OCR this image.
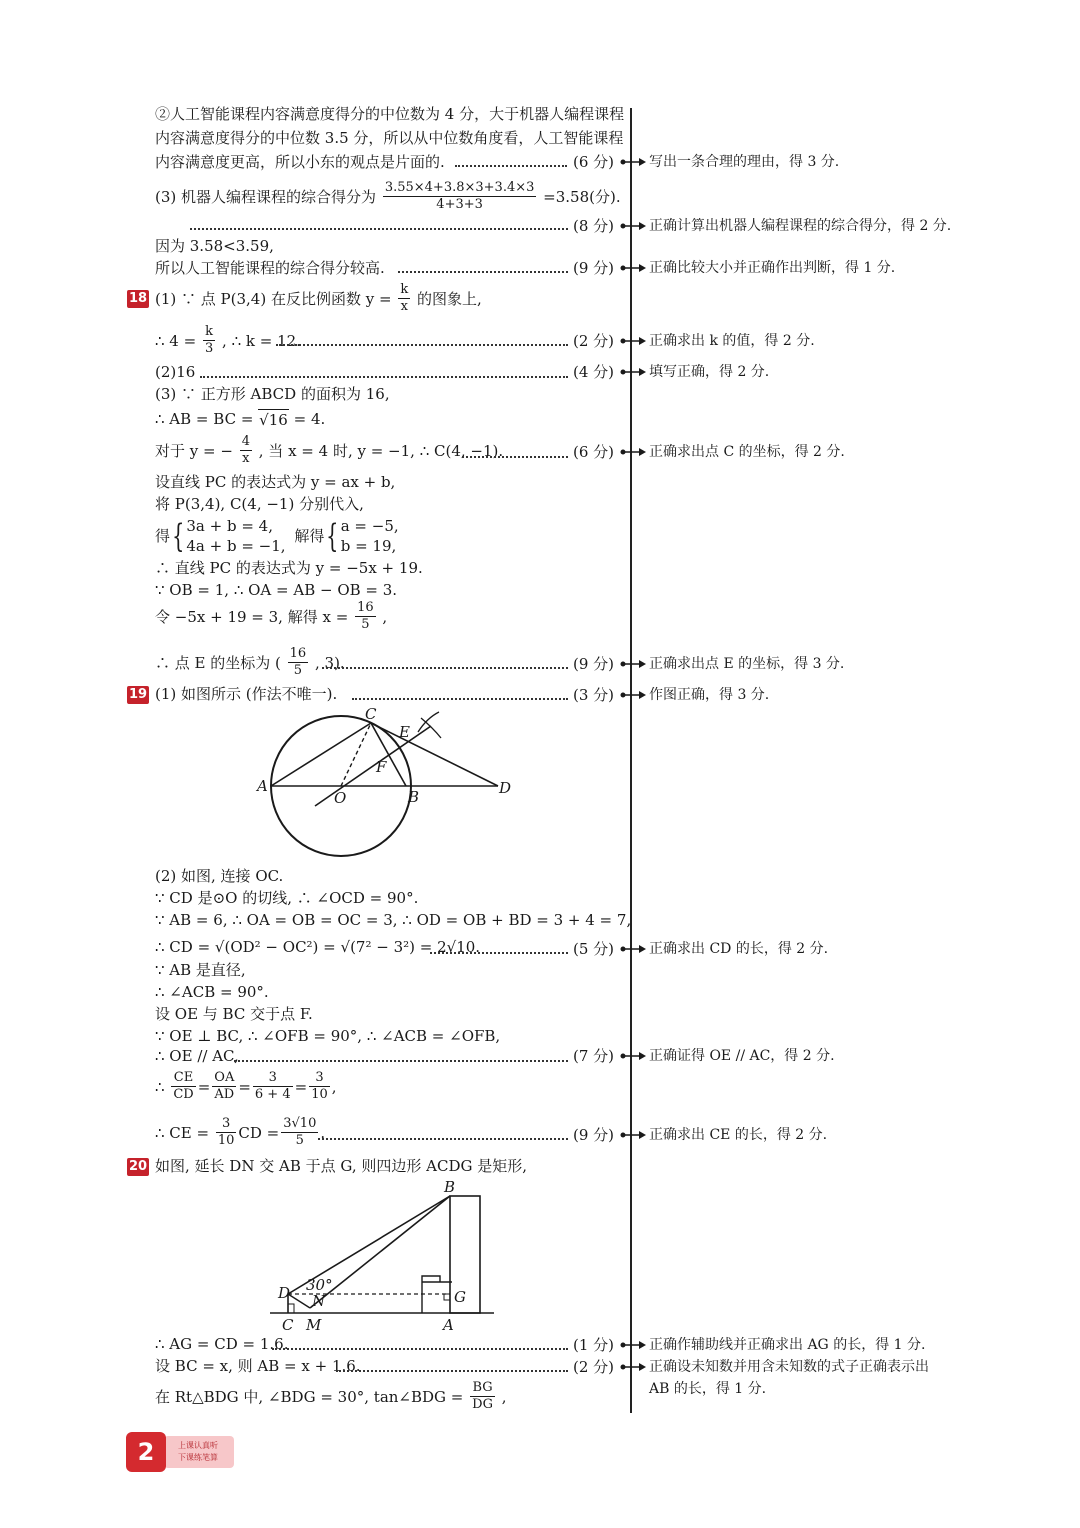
②人工智能课程内容满意度得分的中位数为 4 分，大于机器人编程课程
内容满意度得分的中位数 3.5 分，所以从中位数角度看，人工智能课程
内容满意度更高，所以小东的观点是片面的.
(3) 机器人编程课程的综合得分为 $\frac{3.55\times 4+3.8\times 3+3.4\times 3}{4+3+3} =3.58$(分).
因为 3.58<3.59,
所以人工智能课程的综合得分较高.
18 (1) ∵ 点 P(3,4) 在反比例函数 $y = \frac{k}{x}$ 的图象上,
∴ $4 = \frac{k}{3}$ , ∴ k = 12.
(2)16
(3) ∵ 正方形 ABCD 的面积为 16,
∴ AB = BC = √16 = 4.
对于 y = − $\frac{4}{x}$ , 当 x = 4 时, y = −1, ∴ C(4, −1).
设直线 PC 的表达式为 y = ax + b,
将 P(3,4), C(4, −1) 分别代入,
得{ 3a + b = 4,
4a + b = −1,
解得{ a = −5,
b = 19,
∴ 直线 PC 的表达式为 y = −5x + 19.
∵ OB = 1, ∴ OA = AB − OB = 3.
令 −5x + 19 = 3, 解得 $x = \frac{16}{5}$ ,
∴ 点 E 的坐标为 ( $\frac{16}{5}$ , 3).
19 (1) 如图所示 (作法不唯一).
A
B
C
D
E
F
O
(2) 如图, 连接 OC.
∵ CD 是⊙O 的切线, ∴ ∠OCD = 90°.
∵ AB = 6, ∴ OA = OB = OC = 3, ∴ OD = OB + BD = 3 + 4 = 7,
∴ CD = √(OD² − OC²) = √(7² − 3²) = 2√10.
∵ AB 是直径,
∴ ∠ACB = 90°.
设 OE 与 BC 交于点 F.
∵ OE ⊥ BC, ∴ ∠OFB = 90°, ∴ ∠ACB = ∠OFB,
∴ OE // AC,
∴ $\frac{CE}{CD} = \frac{OA}{AD} = \frac{3}{6 + 4} = \frac{3}{10}$ ,
∴ CE = $\frac{3}{10}$ CD = $\frac{3√10}{5}$ .
20 如图, 延长 DN 交 AB 于点 G, 则四边形 ACDG 是矩形,
B
D N	G
C M	A
30°
∴ AG = CD = 1.6.
设 BC = x, 则 AB = x + 1.6.
在 Rt△BDG 中, ∠BDG = 30°, tan∠BDG = $\frac{BG}{DG}$ ,
(6 分)
(8 分)
(9 分)
(2 分)
(4 分)
(6 分)
(9 分)
(3 分)
(5 分)
(7 分)
(9 分)
(1 分)
(2 分)
写出一条合理的理由，得 3 分.
正确计算出机器人编程课程的综合得分，得 2 分.
正确比较大小并正确作出判断，得 1 分.
正确求出 k 的值，得 2 分.
填写正确，得 2 分.
正确求出点 C 的坐标，得 2 分.
正确求出点 E 的坐标，得 3 分.
作图正确，得 3 分.
正确求出 CD 的长，得 2 分.
正确证得 OE // AC，得 2 分.
正确求出 CE 的长，得 2 分.
正确作辅助线并正确求出 AG 的长，得 1 分.
正确设未知数并用含未知数的式子正确表示出
AB 的长，得 1 分.
上课认真听
下课练笔算
2
